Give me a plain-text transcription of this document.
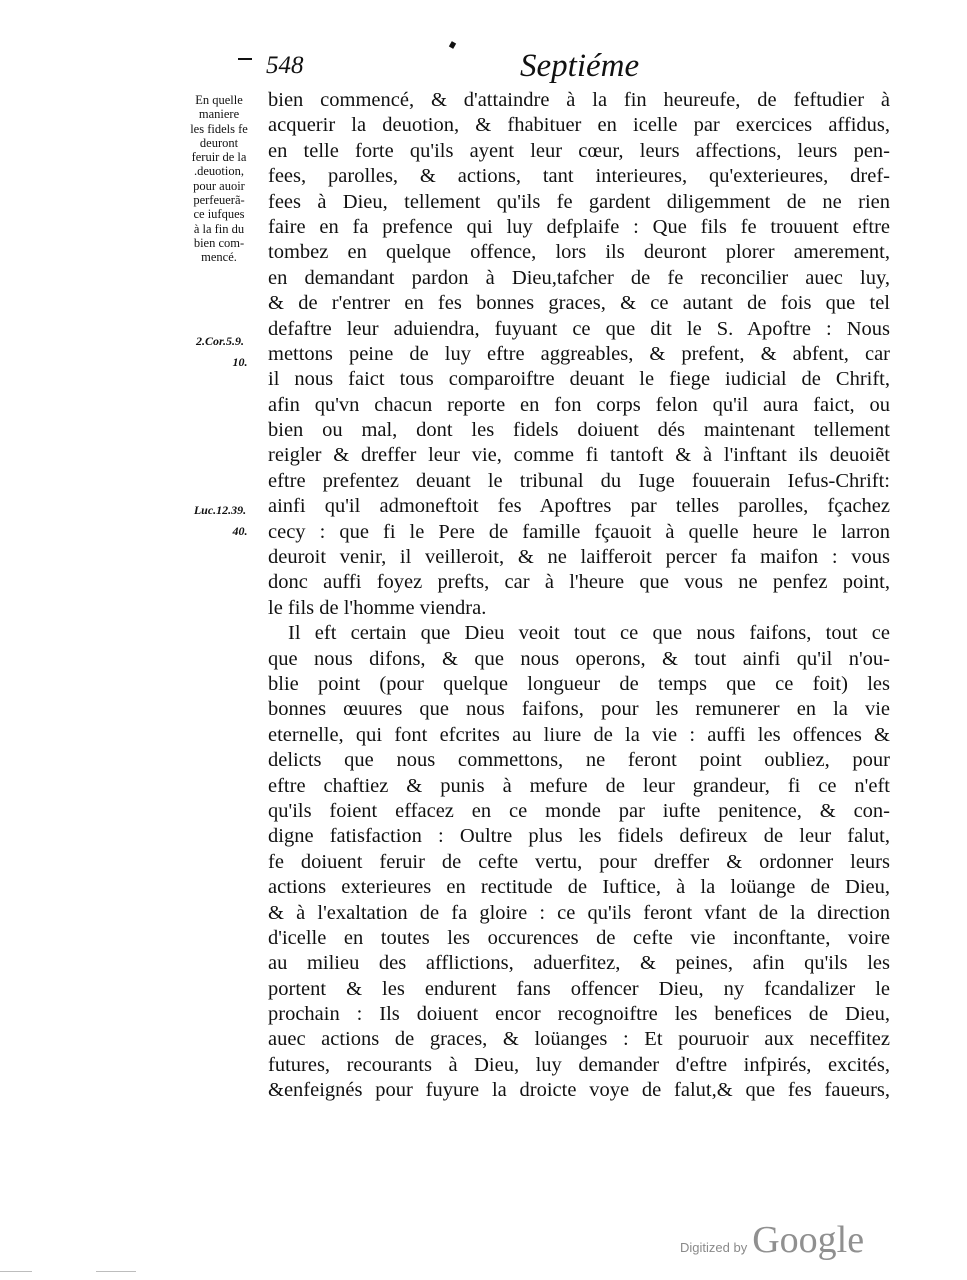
548	Septiéme
En quelle
maniere
les fidels fe
deuront
feruir de la
.deuotion,
pour auoir
perfeuerã-
ce iufques
à la fin du
bien com-
mencé.
2.Cor.5.9.
10.
Luc.12.39.
40.
bien commencé, & d'attaindre à la fin heureufe, de feftudier à
acquerir la deuotion, & fhabituer en icelle par exercices affidus,
en telle forte qu'ils ayent leur cœur, leurs affections, leurs pen-
fees, parolles, & actions, tant interieures, qu'exterieures, dref-
fees à Dieu, tellement qu'ils fe gardent diligemment de ne rien
faire en fa prefence qui luy defplaife : Que fils fe trouuent eftre
tombez en quelque offence, lors ils deuront plorer amerement,
en demandant pardon à Dieu,tafcher de fe reconcilier auec luy,
& de r'entrer en fes bonnes graces, & ce autant de fois que tel
defaftre leur aduiendra, fuyuant ce que dit le S. Apoftre : Nous
mettons peine de luy eftre aggreables, & prefent, & abfent, car
il nous faict tous comparoiftre deuant le fiege iudicial de Chrift,
afin qu'vn chacun reporte en fon corps felon qu'il aura faict, ou
bien ou mal, dont les fidels doiuent dés maintenant tellement
reigler & dreffer leur vie, comme fi tantoft & à l'inftant ils deuoiẽt
eftre prefentez deuant le tribunal du Iuge fouuerain Iefus-Chrift:
ainfi qu'il admoneftoit fes Apoftres par telles parolles, fçachez
cecy : que fi le Pere de famille fçauoit à quelle heure le larron
deuroit venir, il veilleroit, & ne laifferoit percer fa maifon : vous
donc auffi foyez prefts, car à l'heure que vous ne penfez point,
le fils de l'homme viendra.
Il eft certain que Dieu veoit tout ce que nous faifons, tout ce
que nous difons, & que nous operons, & tout ainfi qu'il n'ou-
blie point (pour quelque longueur de temps que ce foit) les
bonnes œuures que nous faifons, pour les remunerer en la vie
eternelle, qui font efcrites au liure de la vie : auffi les offences &
delicts que nous commettons, ne feront point oubliez, pour
eftre chaftiez & punis à mefure de leur grandeur, fi ce n'eft
qu'ils foient effacez en ce monde par iufte penitence, & con-
digne fatisfaction : Oultre plus les fidels defireux de leur falut,
fe doiuent feruir de cefte vertu, pour dreffer & ordonner leurs
actions exterieures en rectitude de Iuftice, à la loüange de Dieu,
& à l'exaltation de fa gloire : ce qu'ils feront vfant de la direction
d'icelle en toutes les occurences de cefte vie inconftante, voire
au milieu des afflictions, aduerfitez, & peines, afin qu'ils les
portent & les endurent fans offencer Dieu, ny fcandalizer le
prochain : Ils doiuent encor recognoiftre les benefices de Dieu,
auec actions de graces, & loüanges : Et pouruoir aux neceffitez
futures, recourants à Dieu, luy demander d'eftre infpirés, excités,
&enfeignés pour fuyure la droicte voye de falut,& que fes faueurs,
Digitized by Google
